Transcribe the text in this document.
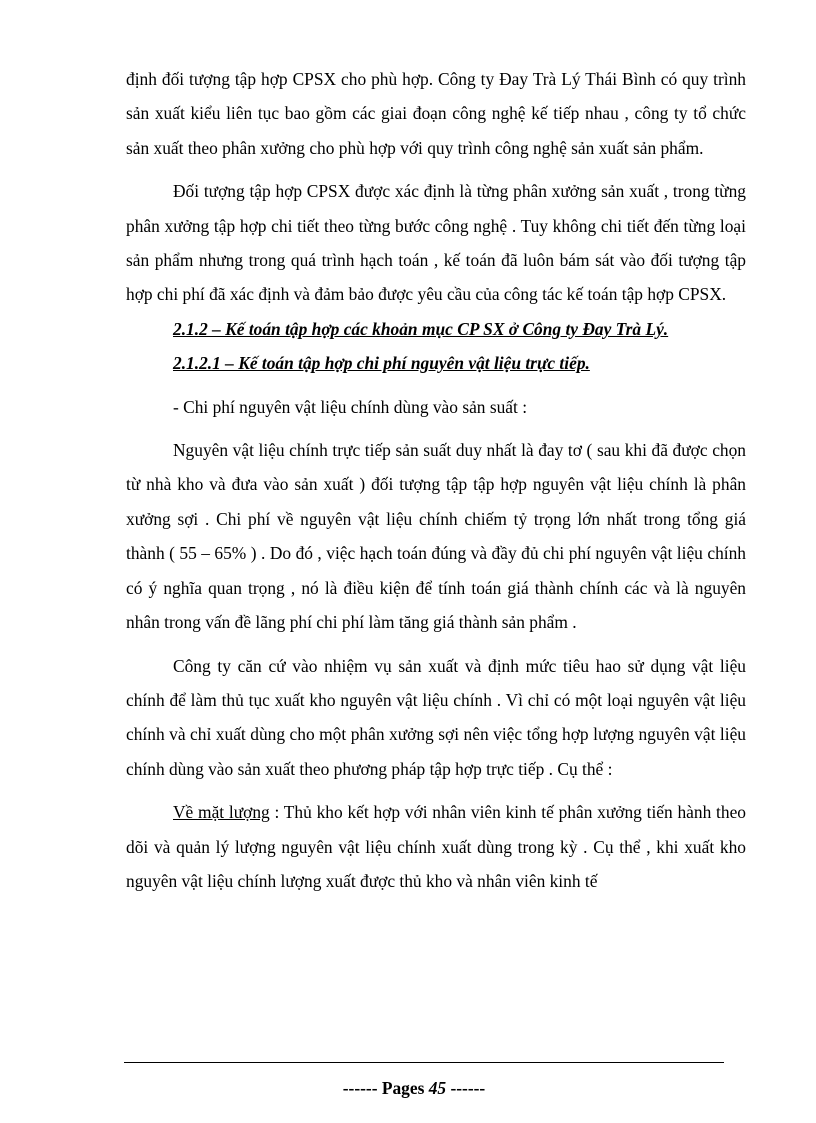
định đối tượng tập hợp CPSX cho phù hợp. Công ty Đay Trà Lý Thái Bình có quy trình sản xuất kiểu liên tục bao gồm các giai đoạn công nghệ kế tiếp nhau , công ty tổ chức sản xuất theo phân xưởng cho phù hợp với quy trình công nghệ sản xuất sản phẩm.

Đối tượng tập hợp CPSX được xác định là từng phân xưởng sản xuất , trong từng phân xưởng tập hợp chi tiết theo từng bước công nghệ . Tuy không chi tiết đến từng loại sản phẩm nhưng trong quá trình hạch toán , kế toán đã luôn bám sát vào đối tượng tập hợp chi phí đã xác định và đảm bảo được yêu cầu của công tác kế toán tập hợp CPSX.

2.1.2 – Kế toán tập hợp các khoản mục CP SX ở Công ty Đay Trà Lý.

2.1.2.1 – Kế toán tập hợp chi phí nguyên vật liệu trực tiếp.

- Chi phí nguyên vật liệu chính dùng vào sản suất :

Nguyên vật liệu chính trực tiếp sản suất duy nhất là đay tơ ( sau khi đã được chọn từ nhà kho và đưa vào sản xuất ) đối tượng tập tập hợp nguyên vật liệu chính là phân xưởng sợi . Chi phí về nguyên vật liệu chính chiếm tỷ trọng lớn nhất trong tổng giá thành ( 55 – 65% ) . Do đó , việc hạch toán đúng và đầy đủ chi phí nguyên vật liệu chính có ý nghĩa quan trọng , nó là điều kiện để tính toán giá thành chính các và là nguyên nhân trong vấn đề lãng phí chi phí làm tăng giá thành sản phẩm .

Công ty căn cứ vào nhiệm vụ sản xuất và định mức tiêu hao sử dụng vật liệu chính để làm thủ tục xuất kho nguyên vật liệu chính . Vì chỉ có một loại nguyên vật liệu chính và chỉ xuất dùng cho một phân xưởng sợi nên việc tổng hợp lượng nguyên vật liệu chính dùng vào sản xuất theo phương pháp tập hợp trực tiếp . Cụ thể :

Về mặt lượng : Thủ kho kết hợp với nhân viên kinh tế phân xưởng tiến hành theo dõi và quản lý lượng nguyên vật liệu chính xuất dùng trong kỳ . Cụ thể , khi xuất kho nguyên vật liệu chính lượng xuất được thủ kho và nhân viên kinh tế

------ Pages 45 ------
